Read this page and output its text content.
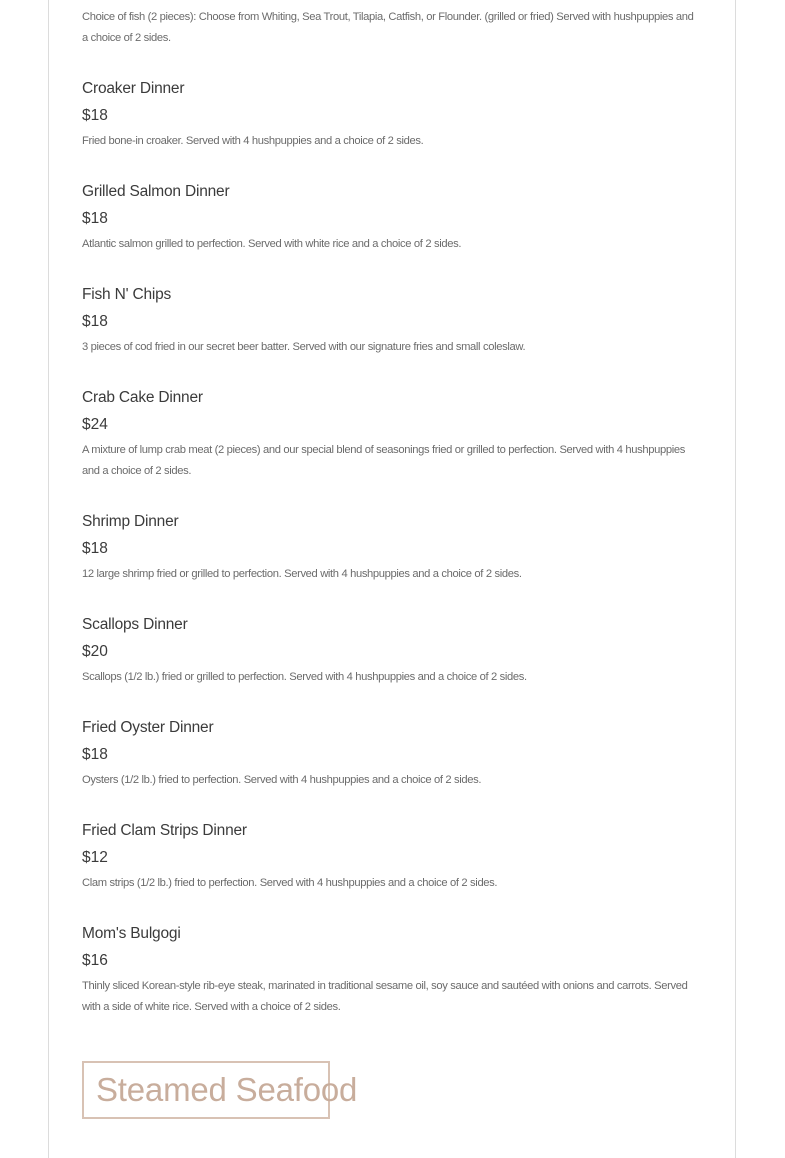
Choice of fish (2 pieces): Choose from Whiting, Sea Trout, Tilapia, Catfish, or Flounder. (grilled or fried) Served with hushpuppies and a choice of 2 sides.
Croaker Dinner
$18
Fried bone-in croaker. Served with 4 hushpuppies and a choice of 2 sides.
Grilled Salmon Dinner
$18
Atlantic salmon grilled to perfection. Served with white rice and a choice of 2 sides.
Fish N' Chips
$18
3 pieces of cod fried in our secret beer batter. Served with our signature fries and small coleslaw.
Crab Cake Dinner
$24
A mixture of lump crab meat (2 pieces) and our special blend of seasonings fried or grilled to perfection. Served with 4 hushpuppies and a choice of 2 sides.
Shrimp Dinner
$18
12 large shrimp fried or grilled to perfection. Served with 4 hushpuppies and a choice of 2 sides.
Scallops Dinner
$20
Scallops (1/2 lb.) fried or grilled to perfection. Served with 4 hushpuppies and a choice of 2 sides.
Fried Oyster Dinner
$18
Oysters (1/2 lb.) fried to perfection. Served with 4 hushpuppies and a choice of 2 sides.
Fried Clam Strips Dinner
$12
Clam strips (1/2 lb.) fried to perfection. Served with 4 hushpuppies and a choice of 2 sides.
Mom's Bulgogi
$16
Thinly sliced Korean-style rib-eye steak, marinated in traditional sesame oil, soy sauce and sautéed with onions and carrots. Served with a side of white rice. Served with a choice of 2 sides.
Steamed Seafood
